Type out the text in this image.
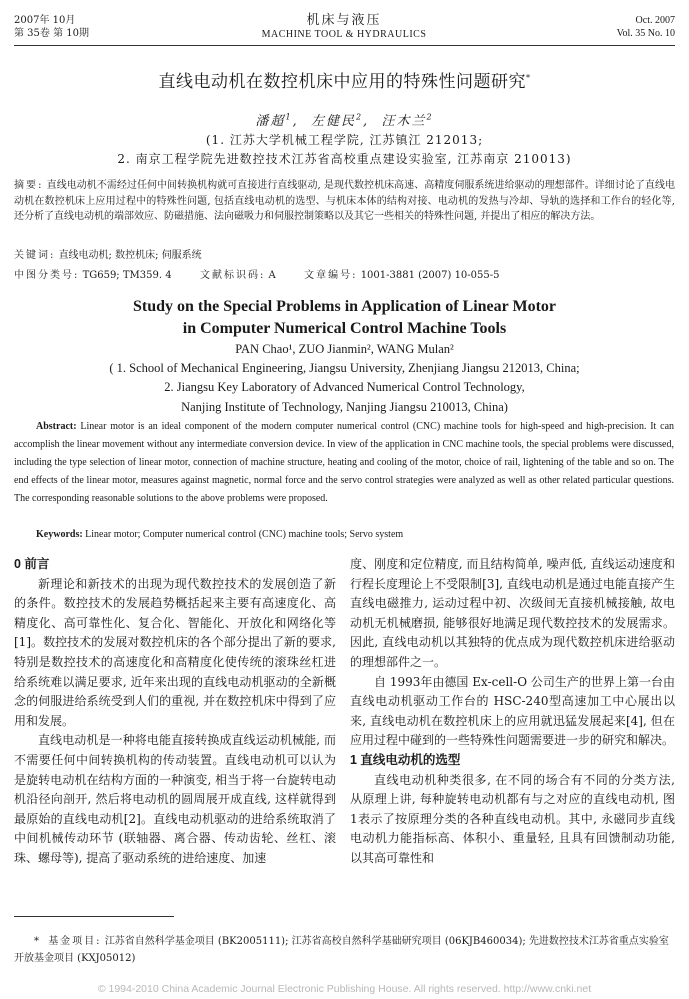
2007年 10月
第 35卷 第 10期
机床与液压
MACHINE TOOL & HYDRAULICS
Oct. 2007
Vol. 35 No. 10
直线电动机在数控机床中应用的特殊性问题研究*
潘超$^1$,  左健民$^2$,  汪木兰$^2$
(1. 江苏大学机械工程学院, 江苏镇江 212013;
2. 南京工程学院先进数控技术江苏省高校重点建设实验室, 江苏南京 210013)
摘要: 直线电动机不需经过任何中间转换机构就可直接进行直线驱动, 是现代数控机床高速、高精度伺服系统进给驱动的理想部件。详细讨论了直线电动机在数控机床上应用过程中的特殊性问题, 包括直线电动机的选型、与机床本体的结构对接、电动机的发热与冷却、导轨的选择和工作台的轻化等, 还分析了直线电动机的端部效应、防磁措施、法向磁吸力和伺服控制策略以及其它一些相关的特殊性问题, 并提出了相应的解决方法。
关键词: 直线电动机; 数控机床; 伺服系统
中图分类号: TG659; TM359. 4	文献标识码: A	文章编号: 1001-3881 (2007) 10-055-5
Study on the Special Problems in Application of Linear Motor
in Computer Numerical Control Machine Tools
PAN Chao¹, ZUO Jianmin², WANG Mulan²
( 1. School of Mechanical Engineering, Jiangsu University, Zhenjiang Jiangsu 212013, China;
2. Jiangsu Key Laboratory of Advanced Numerical Control Technology,
Nanjing Institute of Technology, Nanjing Jiangsu 210013, China)
Abstract: Linear motor is an ideal component of the modern computer numerical control (CNC) machine tools for high-speed and high-precision. It can accomplish the linear movement without any intermediate conversion device. In view of the application in CNC machine tools, the special problems were discussed, including the type selection of linear motor, connection of machine structure, heating and cooling of the motor, choice of rail, lightening of the table and so on. The end effects of the linear motor, measures against magnetic, normal force and the servo control strategies were analyzed as well as other related particular questions. The corresponding reasonable solutions to the above problems were proposed.
Keywords: Linear motor; Computer numerical control (CNC) machine tools; Servo system

0 前言

新理论和新技术的出现为现代数控技术的发展创造了新的条件。数控技术的发展趋势概括起来主要有高速度化、高精度化、高可靠性化、复合化、智能化、开放化和网络化等[1]。数控技术的发展对数控机床的各个部分提出了新的要求, 特别是数控技术的高速度化和高精度化使传统的滚珠丝杠进给系统难以满足要求, 近年来出现的直线电动机驱动的全新概念的伺服进给系统受到人们的重视, 并在数控机床中得到了应用和发展。

直线电动机是一种将电能直接转换成直线运动机械能, 而不需要任何中间转换机构的传动装置。直线电动机可以认为是旋转电动机在结构方面的一种演变, 相当于将一台旋转电动机沿径向剖开, 然后将电动机的圆周展开成直线, 这样就得到最原始的直线电动机[2]。直线电动机驱动的进给系统取消了中间机械传动环节 (联轴器、离合器、传动齿轮、丝杠、滚珠、螺母等), 提高了驱动系统的进给速度、加速

度、刚度和定位精度, 而且结构简单, 噪声低, 直线运动速度和行程长度理论上不受限制[3], 直线电动机是通过电能直接产生直线电磁推力, 运动过程中初、次级间无直接机械接触, 故电动机无机械磨损, 能够很好地满足现代数控技术的发展需求。因此, 直线电动机以其独特的优点成为现代数控机床进给驱动的理想部件之一。

自 1993年由德国 Ex-cell-O 公司生产的世界上第一台由直线电动机驱动工作台的 HSC-240型高速加工中心展出以来, 直线电动机在数控机床上的应用就迅猛发展起来[4], 但在应用过程中碰到的一些特殊性问题需要进一步的研究和解决。

1 直线电动机的选型

直线电动机种类很多, 在不同的场合有不同的分类方法, 从原理上讲, 每种旋转电动机都有与之对应的直线电动机, 图 1表示了按原理分类的各种直线电动机。其中, 永磁同步直线电动机力能指标高、体积小、重量轻, 且具有回馈制动功能, 以其高可靠性和

* 基金项目: 江苏省自然科学基金项目 (BK2005111); 江苏省高校自然科学基础研究项目 (06KJB460034); 先进数控技术江苏省重点实验室开放基金项目 (KXJ05012)
© 1994-2010 China Academic Journal Electronic Publishing House. All rights reserved. http://www.cnki.net
